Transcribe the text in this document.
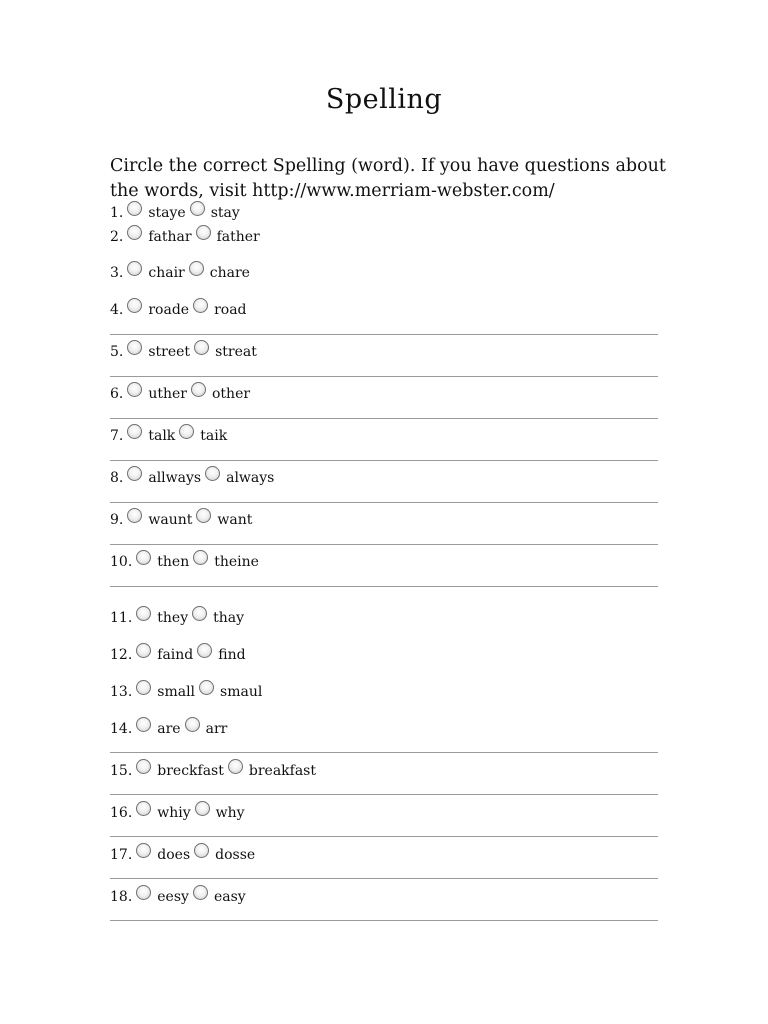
Spelling
Circle the correct Spelling (word). If you have questions about the words, visit http://www.merriam-webster.com/
1. staye stay
2. fathar father
3. chair chare
4. roade road
5. street streat
6. uther other
7. talk taik
8. allways always
9. waunt want
10. then theine
11. they thay
12. faind find
13. small smaul
14. are arr
15. breckfast breakfast
16. whiy why
17. does dosse
18. eesy easy
